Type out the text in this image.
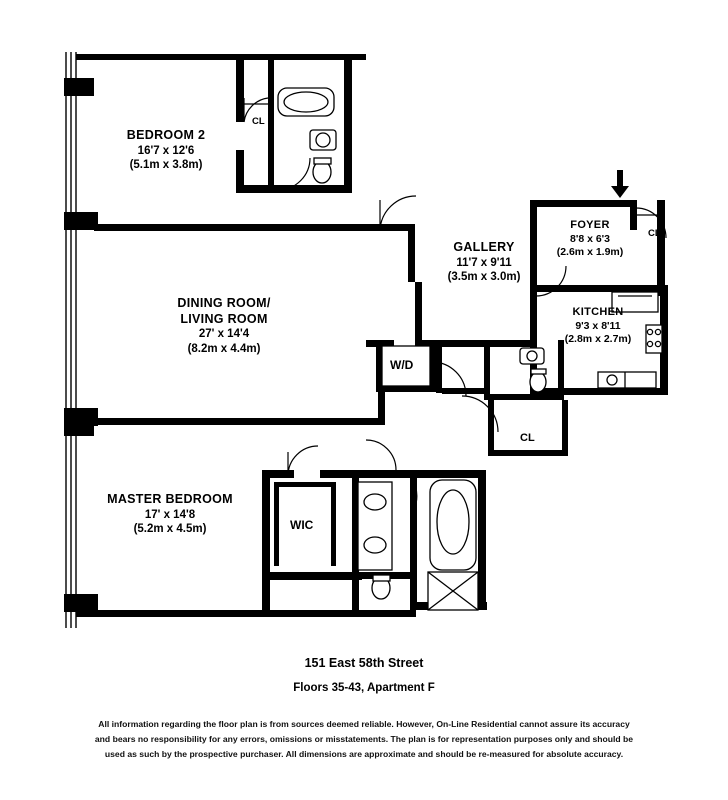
BEDROOM 2
16'7 x 12'6
(5.1m x 3.8m)
GALLERY
11'7 x 9'11
(3.5m x 3.0m)
DINING ROOM/
LIVING ROOM
27' x 14'4
(8.2m x 4.4m)
FOYER
8'8 x 6'3
(2.6m x 1.9m)
KITCHEN
9'3 x 8'11
(2.8m x 2.7m)
MASTER BEDROOM
17' x 14'8
(5.2m x 4.5m)
CL
CL
CL
W/D
WIC
151 East 58th Street
Floors 35-43, Apartment F
All information regarding the floor plan is from sources deemed reliable. However, On-Line Residential cannot assure its accuracy
and bears no responsibility for any errors, omissions or misstatements. The plan is for representation purposes only and should be
used as such by the prospective purchaser. All dimensions are approximate and should be re-measured for absolute accuracy.
